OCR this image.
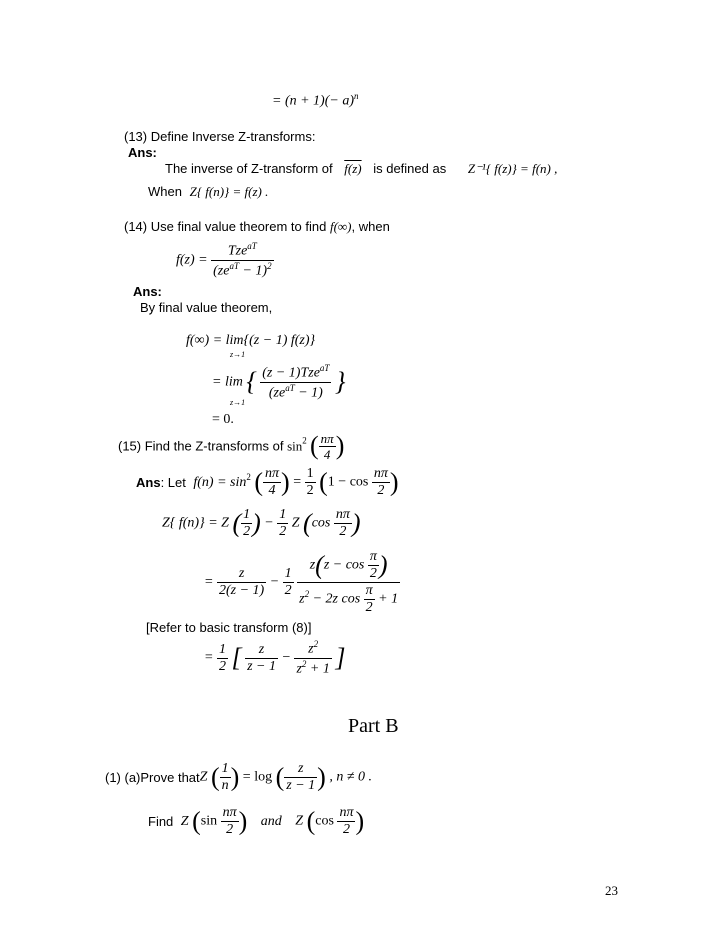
= $(n + 1)(- a)^n$
(13) Define Inverse Z-transforms:
Ans:
The inverse of Z-transform of f(z) is defined as Z⁻¹{ f(z)} = f(n) ,
When Z{ f(n)} = f(z) .
(14) Use final value theorem to find f(∞), when
$f(z) = \frac{Tze^{aT}}{(ze^{aT} - 1)^2}$
Ans:
By final value theorem,
f(∞) = lim{(z − 1) f(z)}
z→1
= lim { $\frac{(z - 1)Tze^{aT}}{(ze^{aT} - 1)}$ }
z→1
= 0.
(15) Find the Z-transforms of $\sin^2$ ( $\frac{n\pi}{4}$ )
Ans: Let $f(n) = \sin^2$ ( $\frac{n\pi}{4}$ ) = $\frac{1}{2} (1 - \cos \frac{n\pi}{2}$ )
Z{ f(n)} = Z ( $\frac{1}{2}$ ) − $\frac{1}{2}$ Z ($\cos \frac{n\pi}{2}$ )
= $\frac{z}{2(z - 1)} - \frac{1}{2}$
$\frac{z(z - \cos \frac{\pi}{2} )}{z^2 - 2z \cos \frac{\pi}{2} + 1}$
[Refer to basic transform (8)]
= $\frac{1}{2}$ [ $\frac{z}{z - 1} - \frac{z^2}{z^2 + 1}$ ]
Part B
(1) (a)Prove thatZ ( $\frac{1}{n}$ ) = log ( $\frac{z}{z - 1}$ ) , n ≠ 0 .
Find Z ($\sin \frac{n\pi}{2}$ ) and Z ($\cos \frac{n\pi}{2}$ )
23
